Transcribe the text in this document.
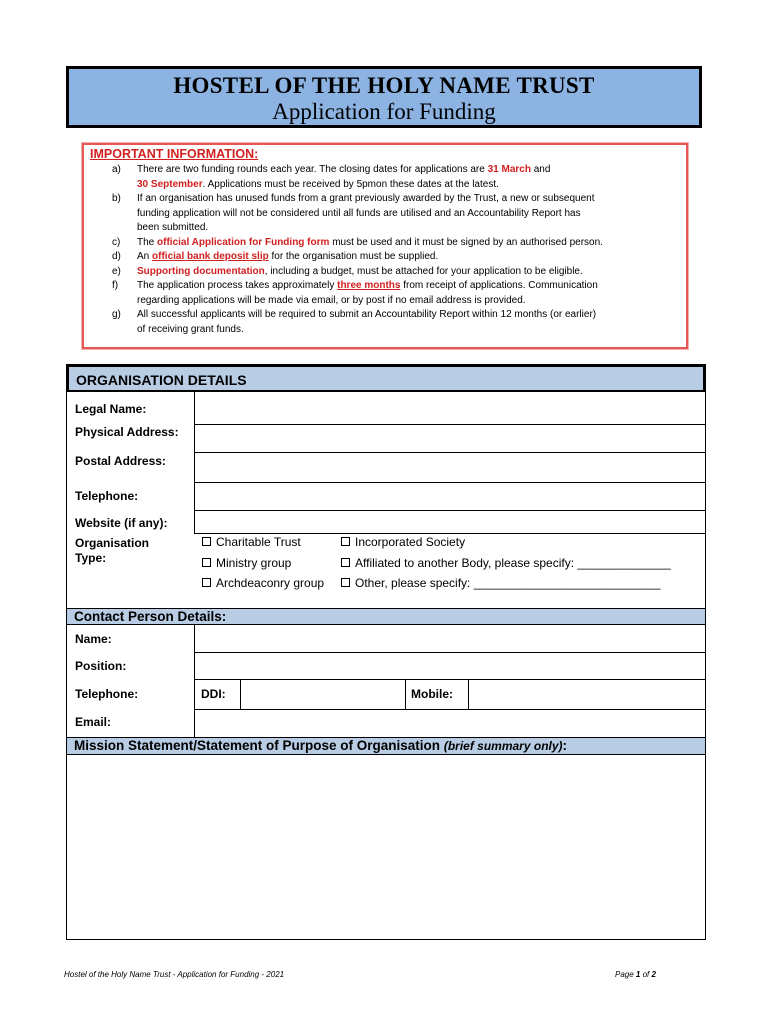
HOSTEL OF THE HOLY NAME TRUST
Application for Funding
IMPORTANT INFORMATION:
a) There are two funding rounds each year. The closing dates for applications are 31 March and
30 September. Applications must be received by 5pmon these dates at the latest.
b) If an organisation has unused funds from a grant previously awarded by the Trust, a new or subsequent
funding application will not be considered until all funds are utilised and an Accountability Report has
been submitted.
c) The official Application for Funding form must be used and it must be signed by an authorised person.
d) An official bank deposit slip for the organisation must be supplied.
e) Supporting documentation, including a budget, must be attached for your application to be eligible.
f) The application process takes approximately three months from receipt of applications. Communication
regarding applications will be made via email, or by post if no email address is provided.
g) All successful applicants will be required to submit an Accountability Report within 12 months (or earlier)
of receiving grant funds.
ORGANISATION DETAILS
Legal Name:
Physical Address:
Postal Address:
Telephone:
Website (if any):
Organisation
Type:
Charitable Trust	Incorporated Society
Ministry group	Affiliated to another Body, please specify: ______________
Archdeaconry group	Other, please specify: ____________________________
Contact Person Details:
Name:
Position:
Telephone:	DDI:	Mobile:
Email:
Mission Statement/Statement of Purpose of Organisation (brief summary only):
Hostel of the Holy Name Trust - Application for Funding - 2021	Page 1 of 2
